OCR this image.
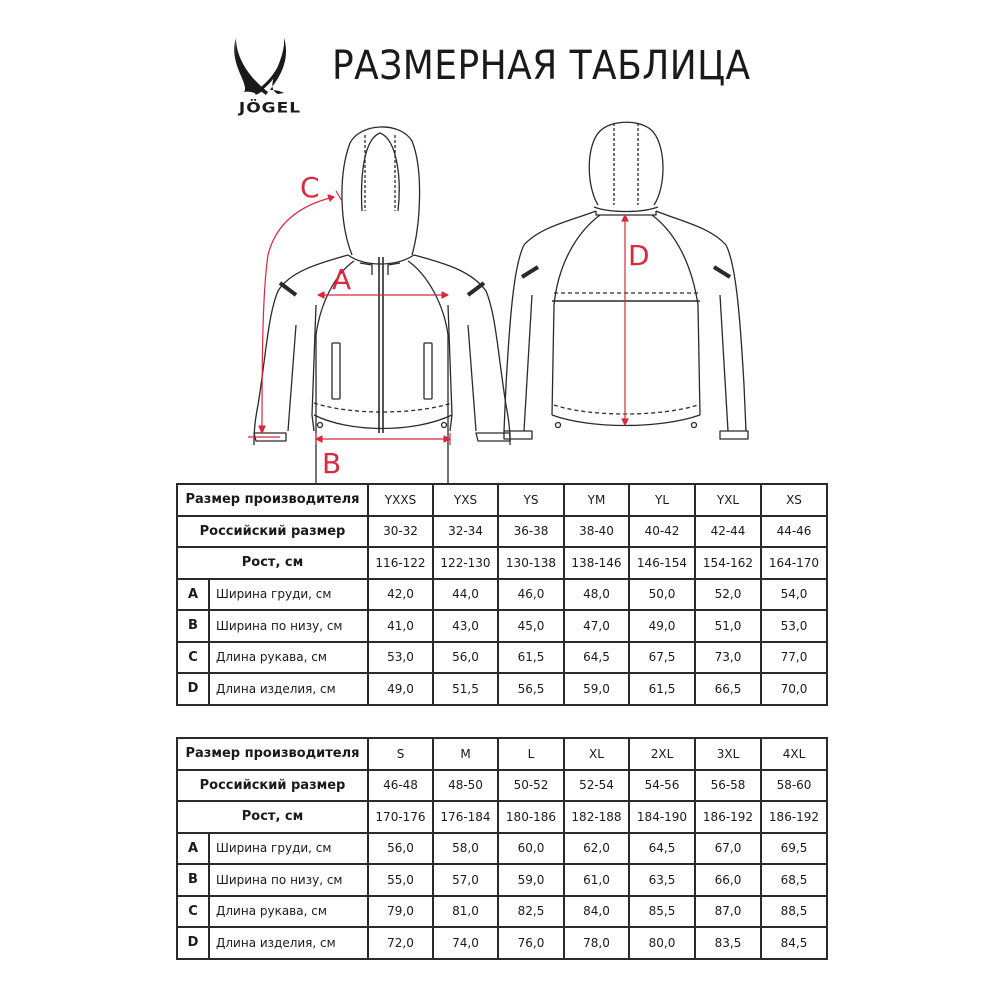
JÖGEL
РАЗМЕРНАЯ ТАБЛИЦА
C
A
B
D
Размер производителя		YXXS	YXS	YS	YM	YL	YXL	XS
Российский размер		30-32	32-34	36-38	38-40	40-42	42-44	44-46
Рост, см		116-122	122-130	130-138	138-146	146-154	154-162	164-170
A	Ширина груди, см	42,0	44,0	46,0	48,0	50,0	52,0	54,0
B	Ширина по низу, см	41,0	43,0	45,0	47,0	49,0	51,0	53,0
C	Длина рукава, см	53,0	56,0	61,5	64,5	67,5	73,0	77,0
D	Длина изделия, см	49,0	51,5	56,5	59,0	61,5	66,5	70,0
Размер производителя		S	M	L	XL	2XL	3XL	4XL
Российский размер		46-48	48-50	50-52	52-54	54-56	56-58	58-60
Рост, см		170-176	176-184	180-186	182-188	184-190	186-192	186-192
A	Ширина груди, см	56,0	58,0	60,0	62,0	64,5	67,0	69,5
B	Ширина по низу, см	55,0	57,0	59,0	61,0	63,5	66,0	68,5
C	Длина рукава, см	79,0	81,0	82,5	84,0	85,5	87,0	88,5
D	Длина изделия, см	72,0	74,0	76,0	78,0	80,0	83,5	84,5
